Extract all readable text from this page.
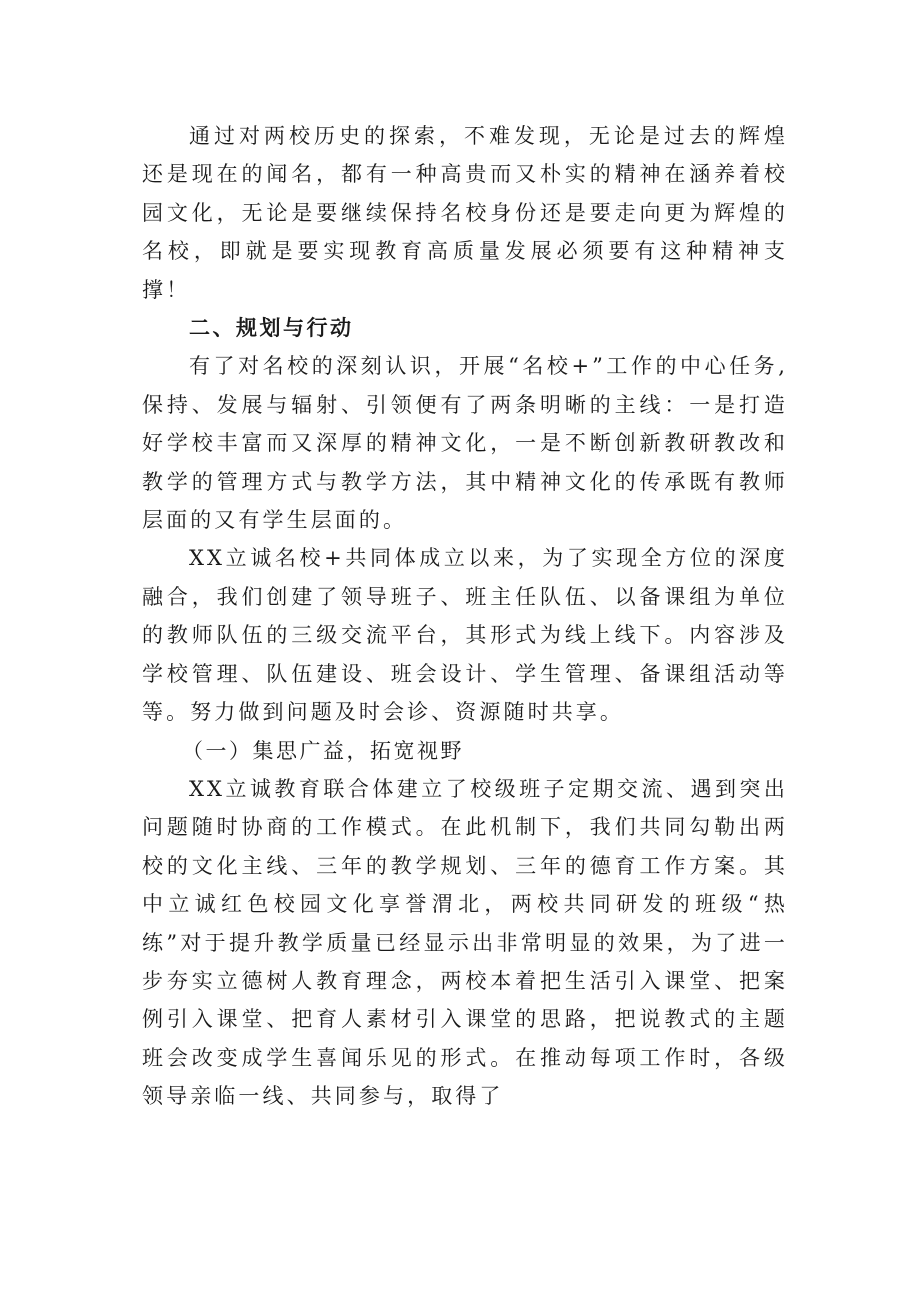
通过对两校历史的探索，不难发现，无论是过去的辉煌还是现在的闻名，都有一种高贵而又朴实的精神在涵养着校园文化，无论是要继续保持名校身份还是要走向更为辉煌的名校，即就是要实现教育高质量发展必须要有这种精神支撑！

二、规划与行动

有了对名校的深刻认识，开展“名校+”工作的中心任务,保持、发展与辐射、引领便有了两条明晰的主线：一是打造好学校丰富而又深厚的精神文化，一是不断创新教研教改和教学的管理方式与教学方法，其中精神文化的传承既有教师层面的又有学生层面的。

XX立诚名校+共同体成立以来，为了实现全方位的深度融合，我们创建了领导班子、班主任队伍、以备课组为单位的教师队伍的三级交流平台，其形式为线上线下。内容涉及学校管理、队伍建设、班会设计、学生管理、备课组活动等等。努力做到问题及时会诊、资源随时共享。

（一）集思广益，拓宽视野

XX立诚教育联合体建立了校级班子定期交流、遇到突出问题随时协商的工作模式。在此机制下，我们共同勾勒出两校的文化主线、三年的教学规划、三年的德育工作方案。其中立诚红色校园文化享誉渭北，两校共同研发的班级“热练”对于提升教学质量已经显示出非常明显的效果，为了进一步夯实立德树人教育理念，两校本着把生活引入课堂、把案例引入课堂、把育人素材引入课堂的思路，把说教式的主题班会改变成学生喜闻乐见的形式。在推动每项工作时，各级领导亲临一线、共同参与，取得了
